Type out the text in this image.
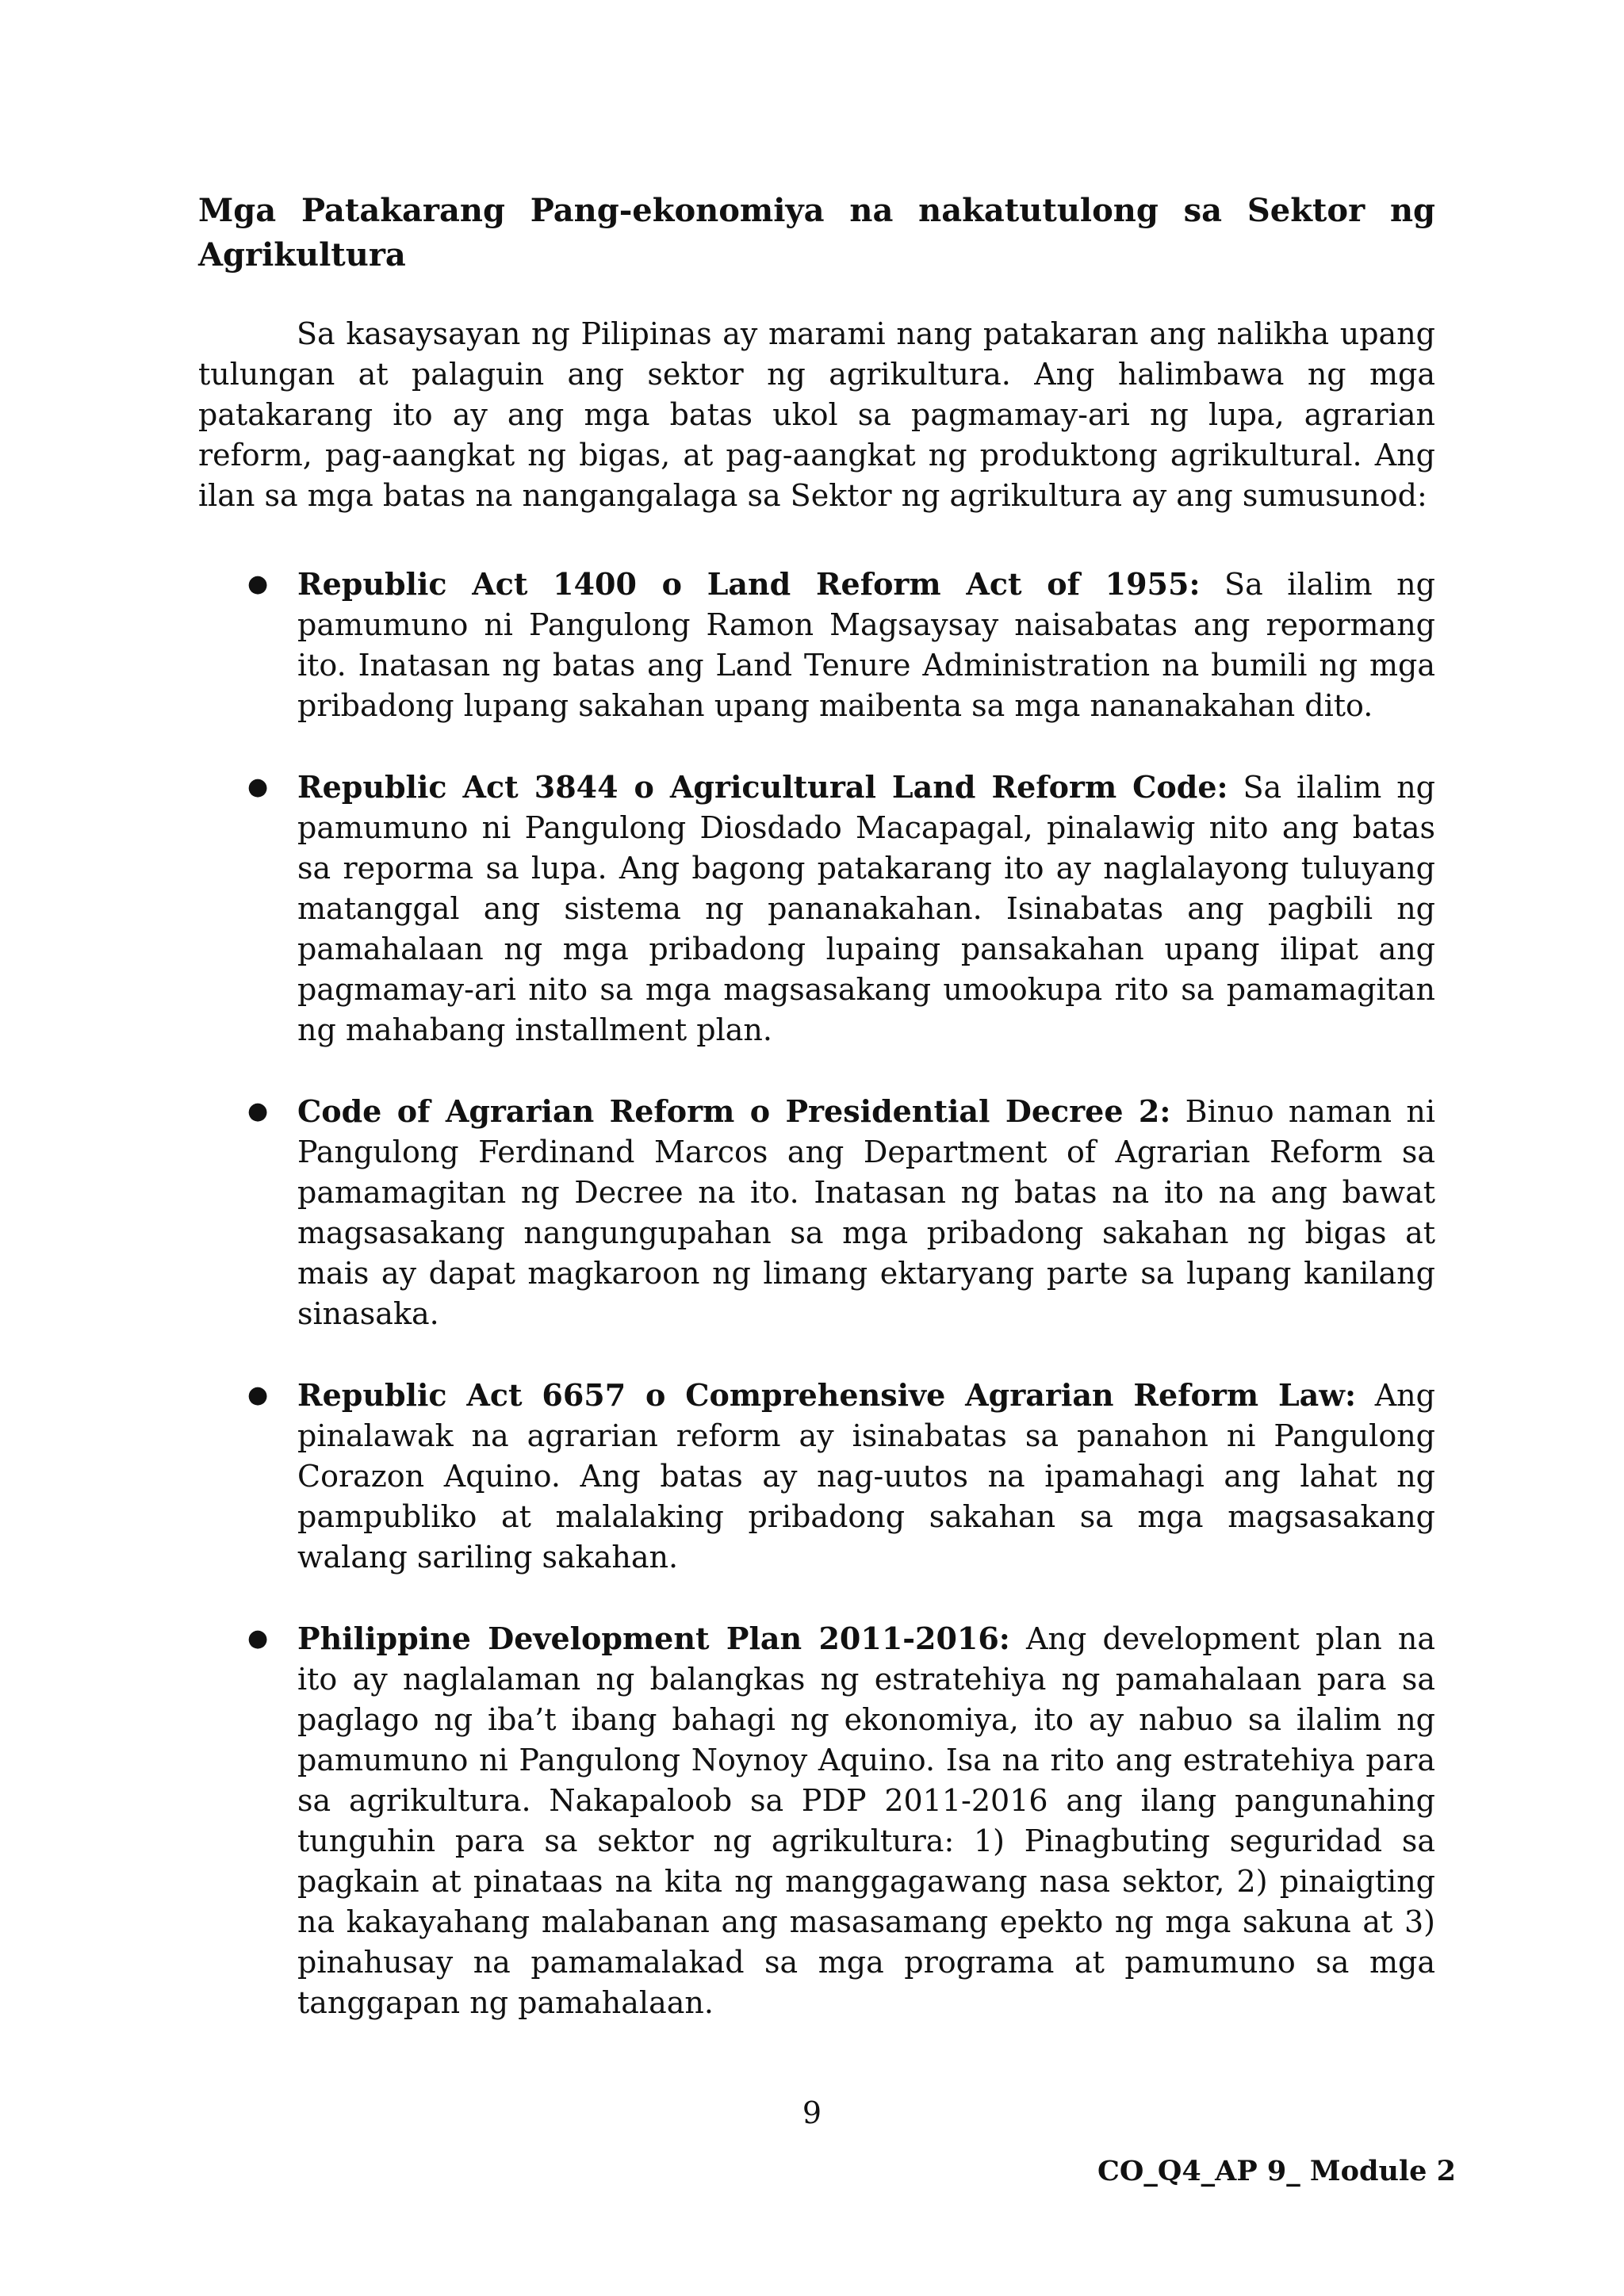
Mga Patakarang Pang-ekonomiya na nakatutulong sa Sektor ng Agrikultura

Sa kasaysayan ng Pilipinas ay marami nang patakaran ang nalikha upang tulungan at palaguin ang sektor ng agrikultura. Ang halimbawa ng mga patakarang ito ay ang mga batas ukol sa pagmamay-ari ng lupa, agrarian reform, pag-aangkat ng bigas, at pag-aangkat ng produktong agrikultural. Ang ilan sa mga batas na nangangalaga sa Sektor ng agrikultura ay ang sumusunod:

● Republic Act 1400 o Land Reform Act of 1955: Sa ilalim ng pamumuno ni Pangulong Ramon Magsaysay naisabatas ang repormang ito. Inatasan ng batas ang Land Tenure Administration na bumili ng mga pribadong lupang sakahan upang maibenta sa mga nananakahan dito.
● Republic Act 3844 o Agricultural Land Reform Code: Sa ilalim ng pamumuno ni Pangulong Diosdado Macapagal, pinalawig nito ang batas sa reporma sa lupa. Ang bagong patakarang ito ay naglalayong tuluyang matanggal ang sistema ng pananakahan. Isinabatas ang pagbili ng pamahalaan ng mga pribadong lupaing pansakahan upang ilipat ang pagmamay-ari nito sa mga magsasakang umookupa rito sa pamamagitan ng mahabang installment plan.
● Code of Agrarian Reform o Presidential Decree 2: Binuo naman ni Pangulong Ferdinand Marcos ang Department of Agrarian Reform sa pamamagitan ng Decree na ito. Inatasan ng batas na ito na ang bawat magsasakang nangungupahan sa mga pribadong sakahan ng bigas at mais ay dapat magkaroon ng limang ektaryang parte sa lupang kanilang sinasaka.
● Republic Act 6657 o Comprehensive Agrarian Reform Law: Ang pinalawak na agrarian reform ay isinabatas sa panahon ni Pangulong Corazon Aquino. Ang batas ay nag-uutos na ipamahagi ang lahat ng pampubliko at malalaking pribadong sakahan sa mga magsasakang walang sariling sakahan.
● Philippine Development Plan 2011-2016: Ang development plan na ito ay naglalaman ng balangkas ng estratehiya ng pamahalaan para sa paglago ng iba’t ibang bahagi ng ekonomiya, ito ay nabuo sa ilalim ng pamumuno ni Pangulong Noynoy Aquino. Isa na rito ang estratehiya para sa agrikultura. Nakapaloob sa PDP 2011-2016 ang ilang pangunahing tunguhin para sa sektor ng agrikultura: 1) Pinagbuting seguridad sa pagkain at pinataas na kita ng manggagawang nasa sektor, 2) pinaigting na kakayahang malabanan ang masasamang epekto ng mga sakuna at 3) pinahusay na pamamalakad sa mga programa at pamumuno sa mga tanggapan ng pamahalaan.
9
CO_Q4_AP 9_ Module 2
